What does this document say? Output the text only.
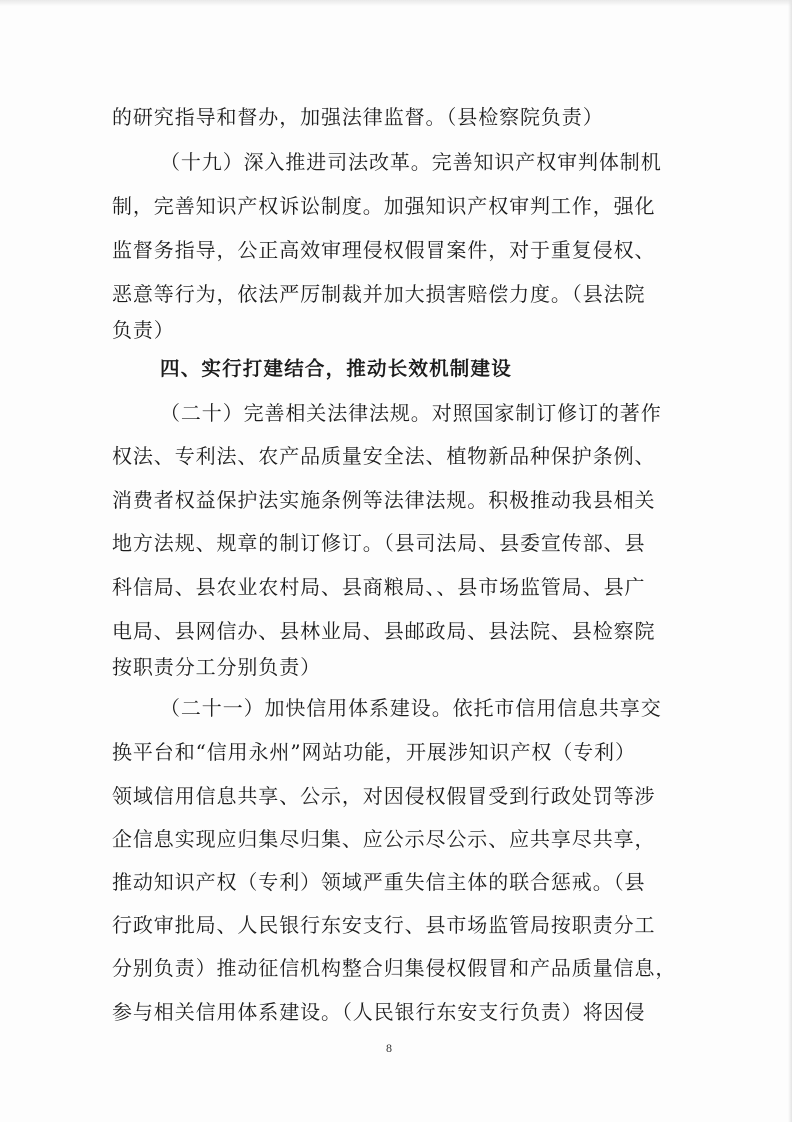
的研究指导和督办，加强法律监督。（县检察院负责）
（十九）深入推进司法改革。完善知识产权审判体制机
制，完善知识产权诉讼制度。加强知识产权审判工作，强化
监督务指导，公正高效审理侵权假冒案件，对于重复侵权、
恶意等行为，依法严厉制裁并加大损害赔偿力度。（县法院
负责）
四、实行打建结合，推动长效机制建设
（二十）完善相关法律法规。对照国家制订修订的著作
权法、专利法、农产品质量安全法、植物新品种保护条例、
消费者权益保护法实施条例等法律法规。积极推动我县相关
地方法规、规章的制订修订。（县司法局、县委宣传部、县
科信局、县农业农村局、县商粮局、、县市场监管局、县广
电局、县网信办、县林业局、县邮政局、县法院、县检察院
按职责分工分别负责）
（二十一）加快信用体系建设。依托市信用信息共享交
换平台和“信用永州”网站功能，开展涉知识产权（专利）
领域信用信息共享、公示，对因侵权假冒受到行政处罚等涉
企信息实现应归集尽归集、应公示尽公示、应共享尽共享，
推动知识产权（专利）领域严重失信主体的联合惩戒。（县
行政审批局、人民银行东安支行、县市场监管局按职责分工
分别负责）推动征信机构整合归集侵权假冒和产品质量信息，
参与相关信用体系建设。（人民银行东安支行负责）将因侵
8
